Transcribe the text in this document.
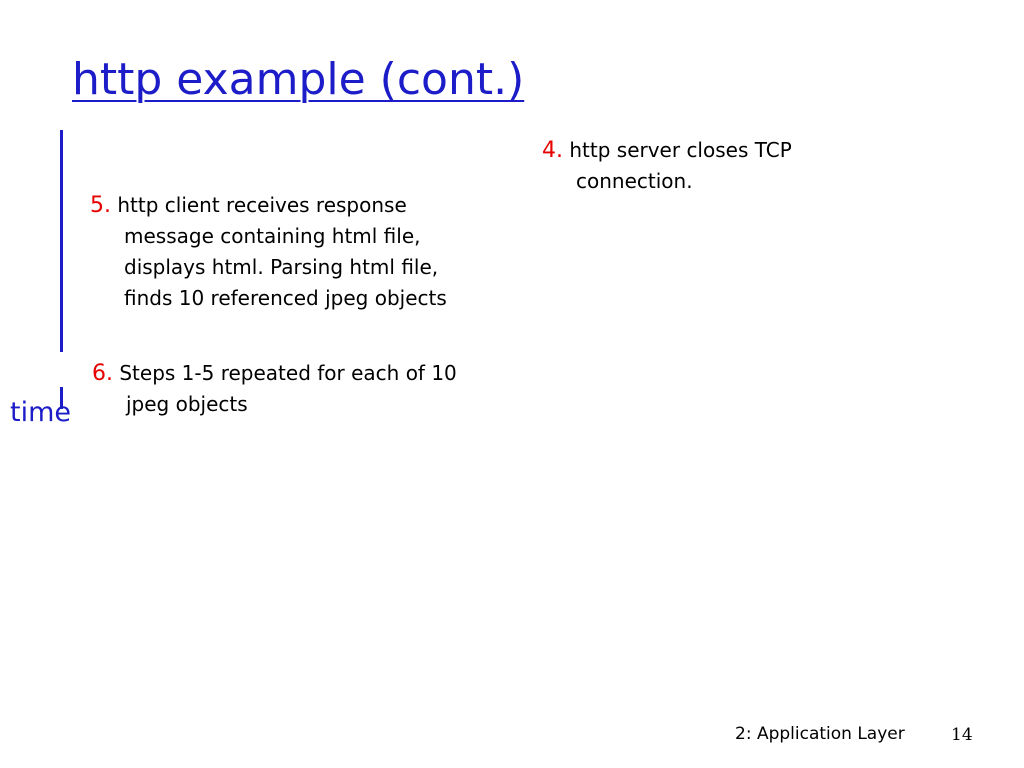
http example (cont.)
time
4. http server closes TCP connection.
5. http client receives response message containing html file, displays html. Parsing html file, finds 10 referenced jpeg objects
6. Steps 1-5 repeated for each of 10 jpeg objects
2: Application Layer	14
